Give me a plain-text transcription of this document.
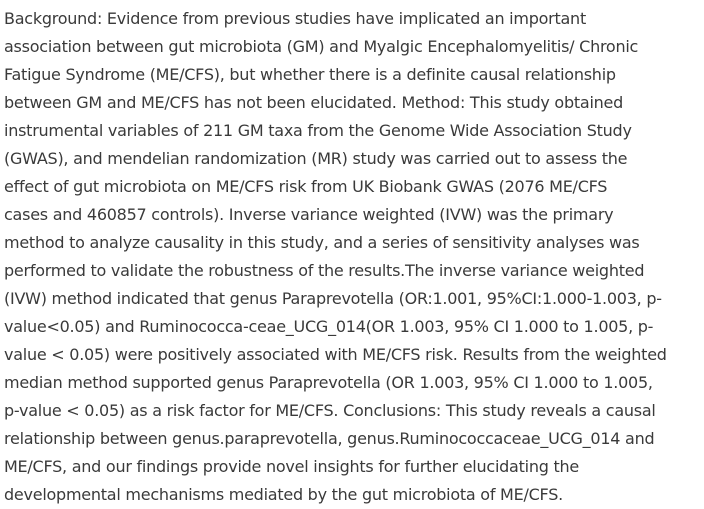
Background: Evidence from previous studies have implicated an important
association between gut microbiota (GM) and Myalgic Encephalomyelitis/ Chronic
Fatigue Syndrome (ME/CFS), but whether there is a definite causal relationship
between GM and ME/CFS has not been elucidated. Method: This study obtained
instrumental variables of 211 GM taxa from the Genome Wide Association Study
(GWAS), and mendelian randomization (MR) study was carried out to assess the
effect of gut microbiota on ME/CFS risk from UK Biobank GWAS (2076 ME/CFS
cases and 460857 controls). Inverse variance weighted (IVW) was the primary
method to analyze causality in this study, and a series of sensitivity analyses was
performed to validate the robustness of the results.The inverse variance weighted
(IVW) method indicated that genus Paraprevotella (OR:1.001, 95%CI:1.000-1.003, p-
value<0.05) and Ruminococca-ceae_UCG_014(OR 1.003, 95% CI 1.000 to 1.005, p-
value < 0.05) were positively associated with ME/CFS risk. Results from the weighted
median method supported genus Paraprevotella (OR 1.003, 95% CI 1.000 to 1.005,
p-value < 0.05) as a risk factor for ME/CFS. Conclusions: This study reveals a causal
relationship between genus.paraprevotella, genus.Ruminococcaceae_UCG_014 and
ME/CFS, and our findings provide novel insights for further elucidating the
developmental mechanisms mediated by the gut microbiota of ME/CFS.
